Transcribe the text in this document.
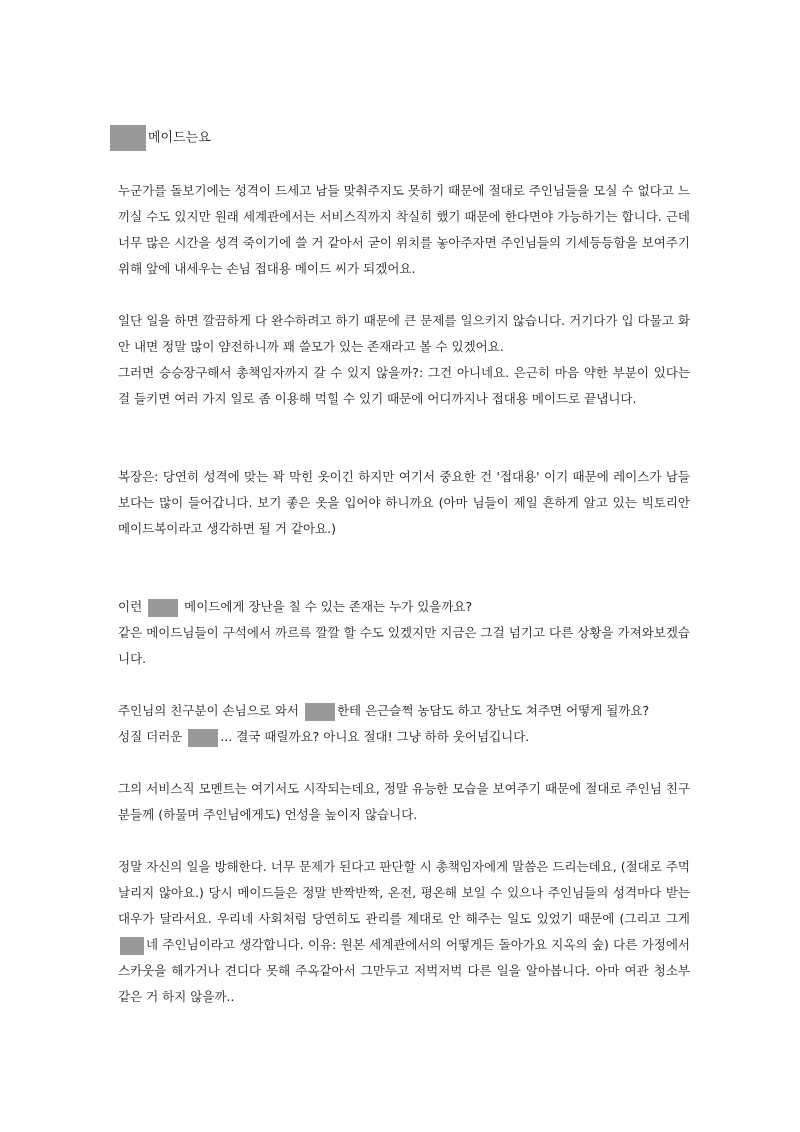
메이드는요

누군가를 돌보기에는 성격이 드세고 남들 맞춰주지도 못하기 때문에 절대로 주인님들을 모실 수 없다고 느끼실 수도 있지만 원래 세계관에서는 서비스직까지 착실히 했기 때문에 한다면야 가능하기는 합니다. 근데 너무 많은 시간을 성격 죽이기에 쓸 거 같아서 굳이 위치를 놓아주자면 주인님들의 기세등등함을 보여주기 위해 앞에 내세우는 손님 접대용 메이드 씨가 되겠어요.

일단 일을 하면 깔끔하게 다 완수하려고 하기 때문에 큰 문제를 일으키지 않습니다. 거기다가 입 다물고 화 안 내면 정말 많이 얌전하니까 꽤 쓸모가 있는 존재라고 볼 수 있겠어요.
그러면 승승장구해서 총책임자까지 갈 수 있지 않을까?: 그건 아니네요. 은근히 마음 약한 부분이 있다는 걸 들키면 여러 가지 일로 좀 이용해 먹힐 수 있기 때문에 어디까지나 접대용 메이드로 끝냅니다.

복장은: 당연히 성격에 맞는 꽉 막힌 옷이긴 하지만 여기서 중요한 건 '접대용' 이기 때문에 레이스가 남들보다는 많이 들어갑니다. 보기 좋은 옷을 입어야 하니까요 (아마 님들이 제일 흔하게 알고 있는 빅토리안 메이드복이라고 생각하면 될 거 같아요.)

이런	메이드에게 장난을 칠 수 있는 존재는 누가 있을까요?
같은 메이드님들이 구석에서 까르륵 깔깔 할 수도 있겠지만 지금은 그걸 넘기고 다른 상황을 가져와보겠습니다.
주인님의 친구분이 손님으로 와서	한테 은근슬쩍 농담도 하고 장난도 쳐주면 어떻게 될까요?
성질 더러운	... 결국 때릴까요? 아니요 절대! 그냥 하하 웃어넘깁니다.

그의 서비스직 모멘트는 여기서도 시작되는데요, 정말 유능한 모습을 보여주기 때문에 절대로 주인님 친구분들께 (하물며 주인님에게도) 언성을 높이지 않습니다.

정말 자신의 일을 방해한다. 너무 문제가 된다고 판단할 시 총책임자에게 말씀은 드리는데요, (절대로 주먹 날리지 않아요.) 당시 메이드들은 정말 반짝반짝, 온전, 평온해 보일 수 있으나 주인님들의 성격마다 받는 대우가 달라서요. 우리네 사회처럼 당연히도 관리를 제대로 안 해주는 일도 있었기 때문에 (그리고 그게 네 주인님이라고 생각합니다. 이유: 원본 세계관에서의 어떻게든 돌아가요 지옥의 숲) 다른 가정에서 스카웃을 해가거나 견디다 못해 주옥같아서 그만두고 저벅저벅 다른 일을 알아봅니다. 아마 여관 청소부 같은 거 하지 않을까..
